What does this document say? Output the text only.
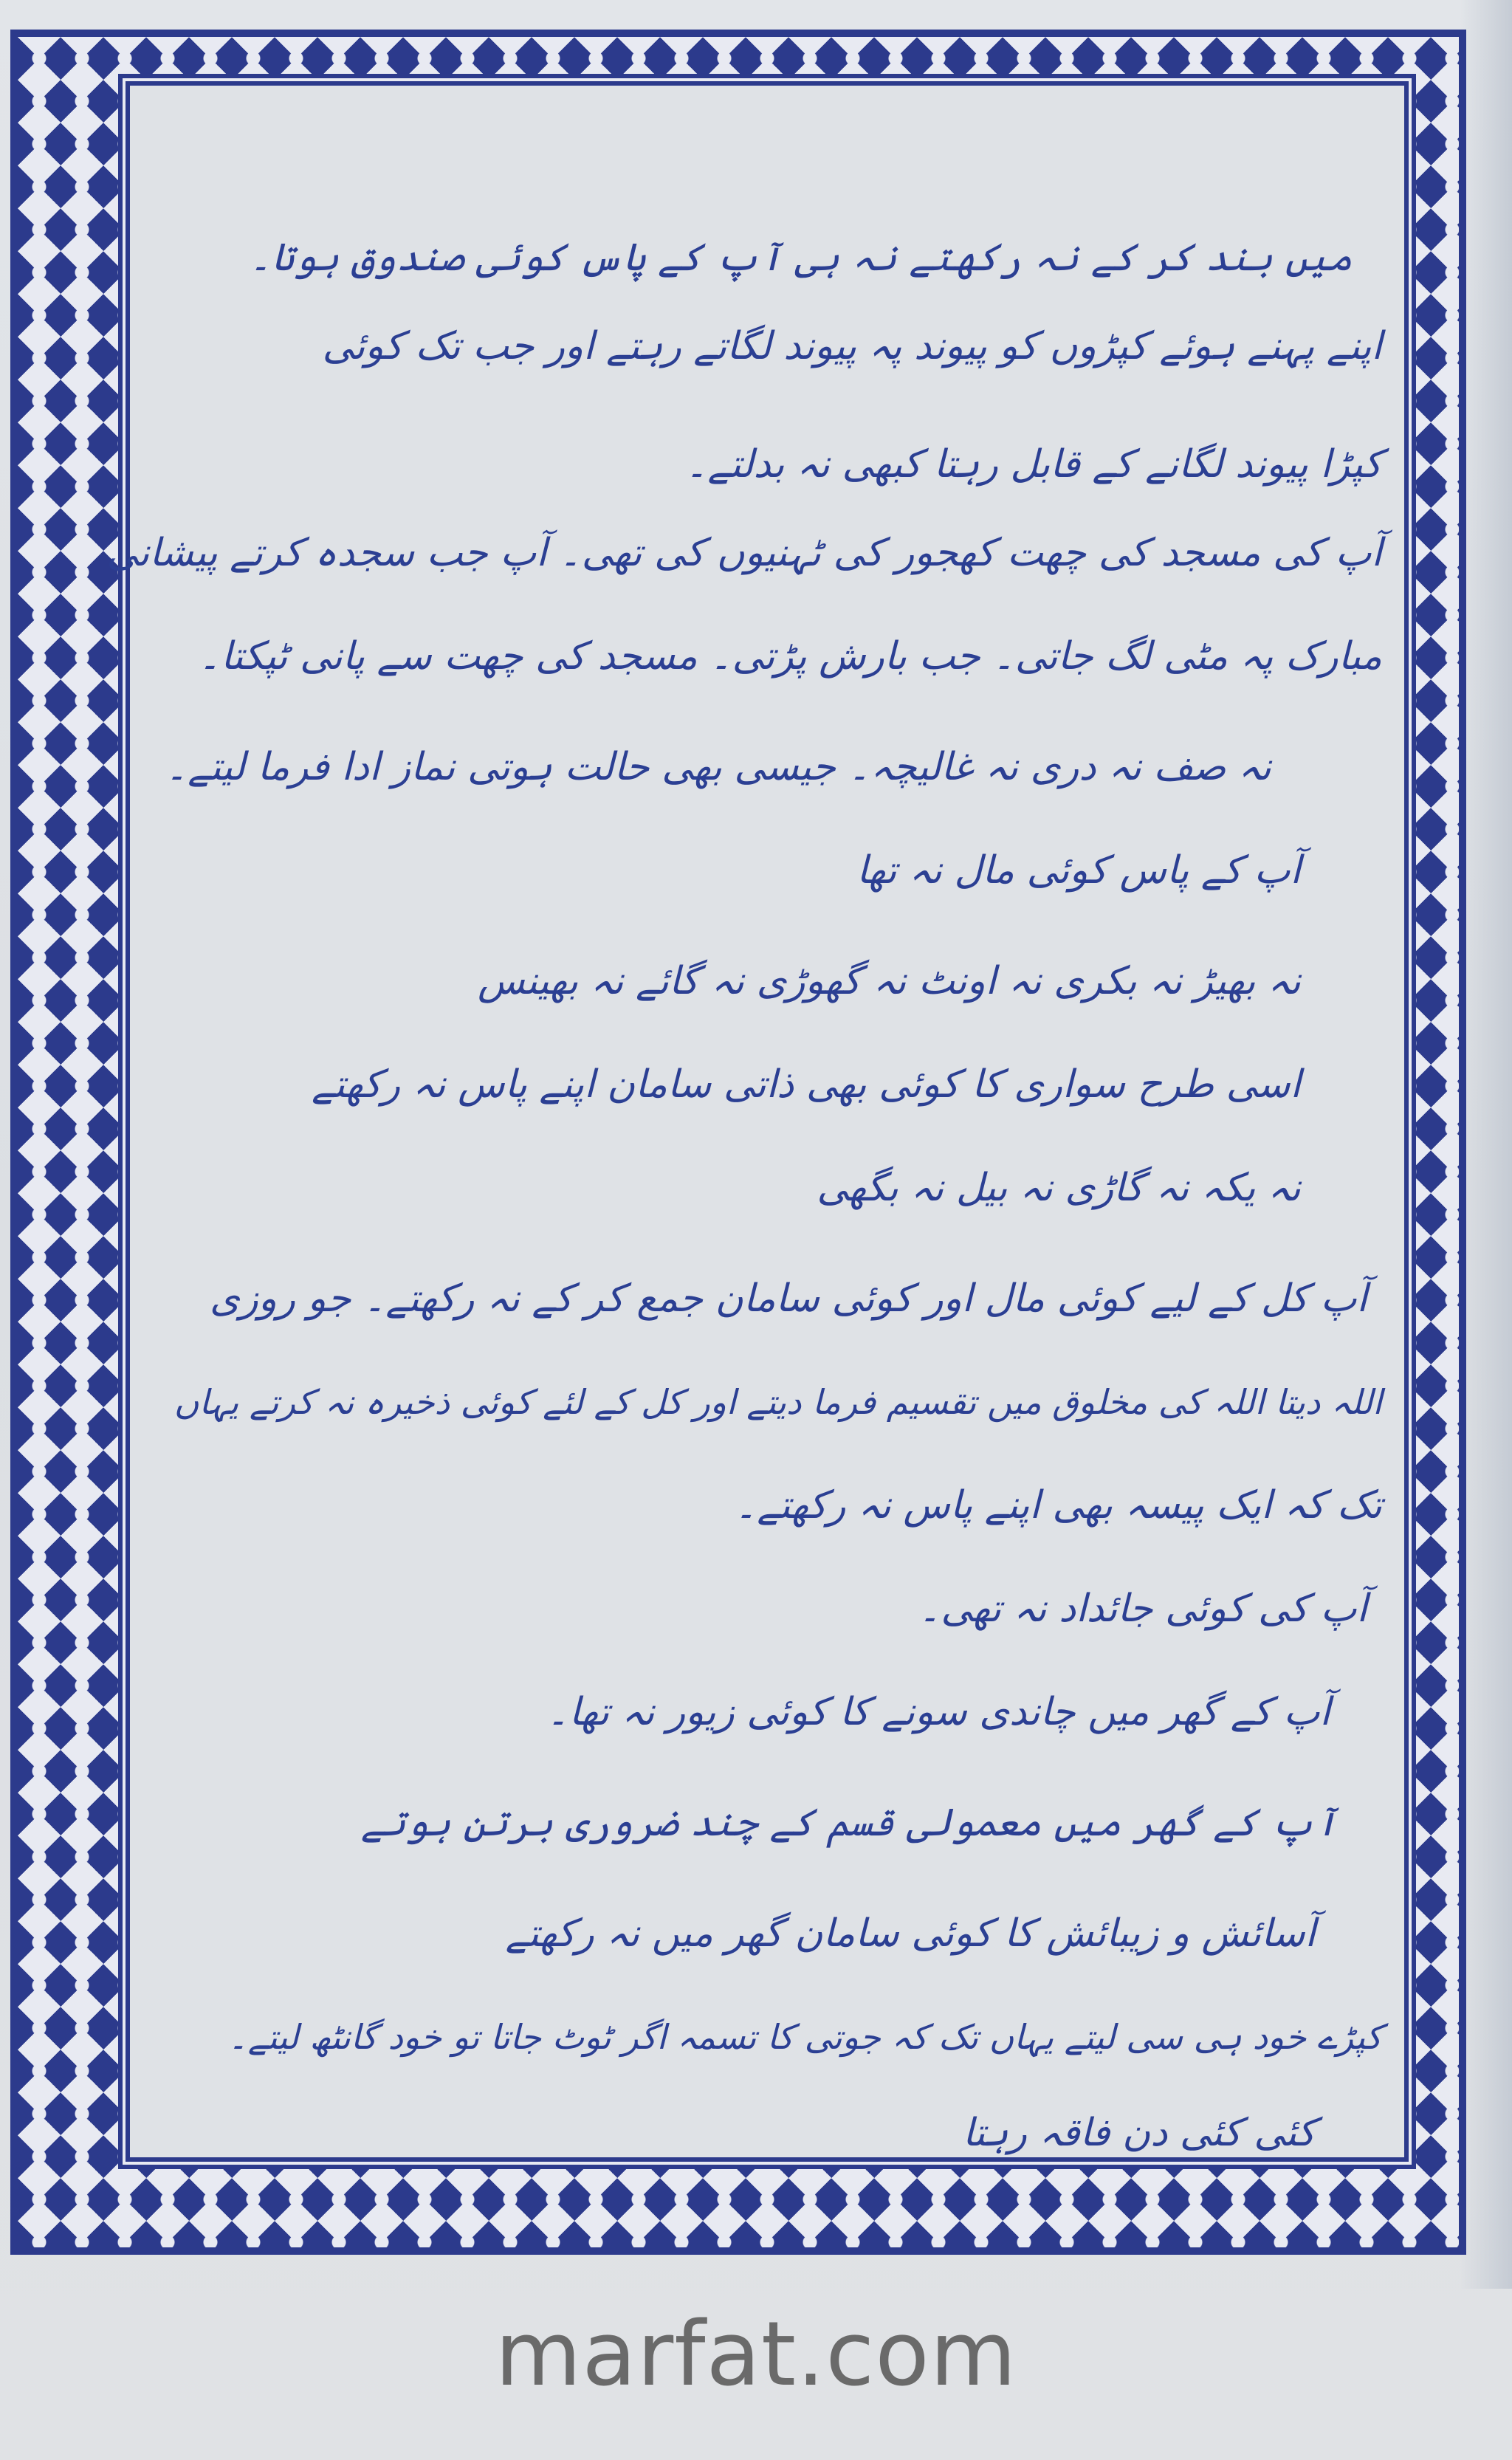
میں بند کر کے نہ رکھتے نہ ہی آپ کے پاس کوئی صندوق ہوتا۔
اپنے پہنے ہوئے کپڑوں کو پیوند پہ پیوند لگاتے رہتے اور جب تک کوئی
کپڑا پیوند لگانے کے قابل رہتا کبھی نہ بدلتے۔
آپ کی مسجد کی چھت کھجور کی ٹہنیوں کی تھی۔ آپ جب سجدہ کرتے پیشانی
مبارک پہ مٹی لگ جاتی۔ جب بارش پڑتی۔ مسجد کی چھت سے پانی ٹپکتا۔
نہ صف نہ دری نہ غالیچہ۔ جیسی بھی حالت ہوتی نماز ادا فرما لیتے۔
آپ کے پاس کوئی مال نہ تھا
نہ بھیڑ نہ بکری نہ اونٹ نہ گھوڑی نہ گائے نہ بھینس
اسی طرح سواری کا کوئی بھی ذاتی سامان اپنے پاس نہ رکھتے
نہ یکہ نہ گاڑی نہ بیل نہ بگھی
آپ کل کے لیے کوئی مال اور کوئی سامان جمع کر کے نہ رکھتے۔ جو روزی
اللہ دیتا اللہ کی مخلوق میں تقسیم فرما دیتے اور کل کے لئے کوئی ذخیرہ نہ کرتے یہاں
تک کہ ایک پیسہ بھی اپنے پاس نہ رکھتے۔
آپ کی کوئی جائداد نہ تھی۔
آپ کے گھر میں چاندی سونے کا کوئی زیور نہ تھا۔
آپ کے گھر میں معمولی قسم کے چند ضروری برتن ہوتے
آسائش و زیبائش کا کوئی سامان گھر میں نہ رکھتے
کپڑے خود ہی سی لیتے یہاں تک کہ جوتی کا تسمہ اگر ٹوٹ جاتا تو خود گانٹھ لیتے۔
کئی کئی دن فاقہ رہتا
marfat.com
